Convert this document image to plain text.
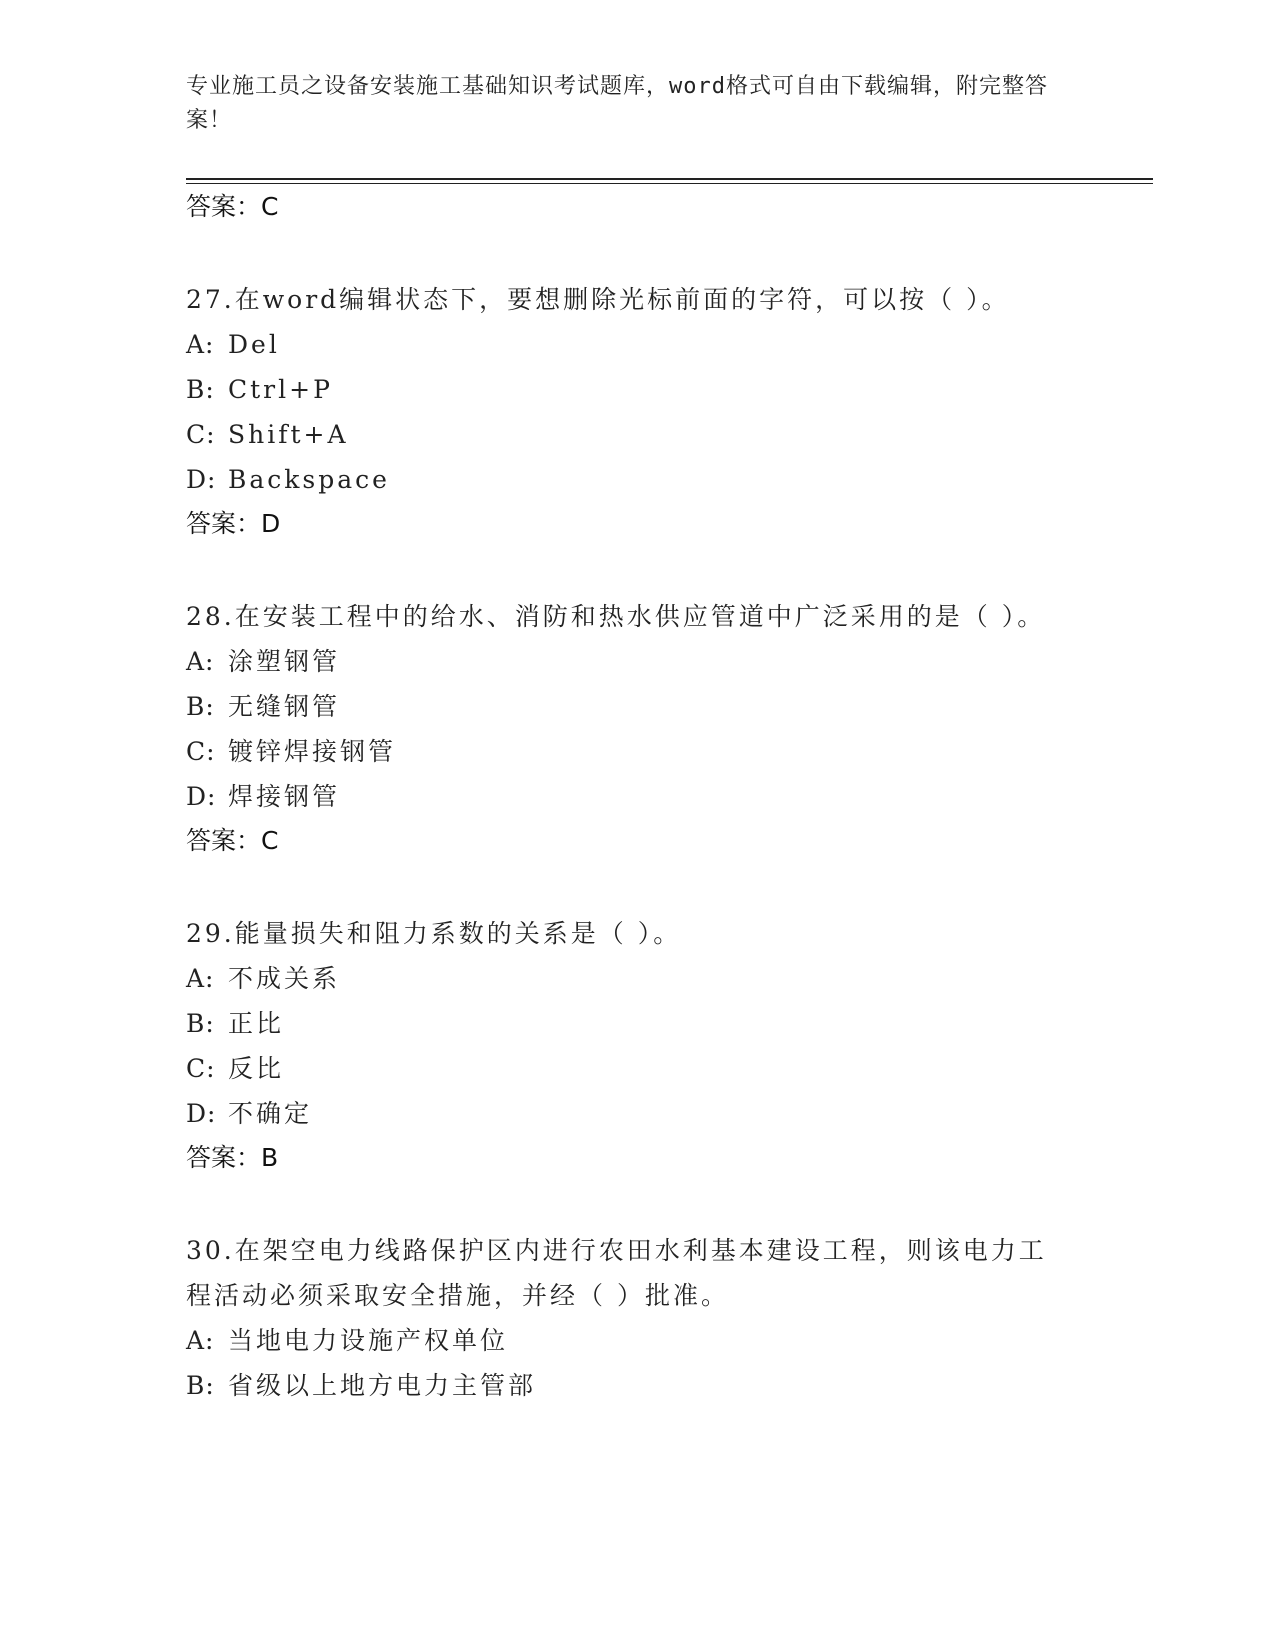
专业施工员之设备安装施工基础知识考试题库，word格式可自由下载编辑，附完整答案！
答案：C
27.在word编辑状态下，要想删除光标前面的字符，可以按（ ）。
A: Del
B: Ctrl+P
C: Shift+A
D: Backspace
答案：D
28.在安装工程中的给水、消防和热水供应管道中广泛采用的是（ ）。
A: 涂塑钢管
B: 无缝钢管
C: 镀锌焊接钢管
D: 焊接钢管
答案：C
29.能量损失和阻力系数的关系是（ ）。
A: 不成关系
B: 正比
C: 反比
D: 不确定
答案：B
30.在架空电力线路保护区内进行农田水利基本建设工程，则该电力工程活动必须采取安全措施，并经（ ）批准。
A: 当地电力设施产权单位
B: 省级以上地方电力主管部
